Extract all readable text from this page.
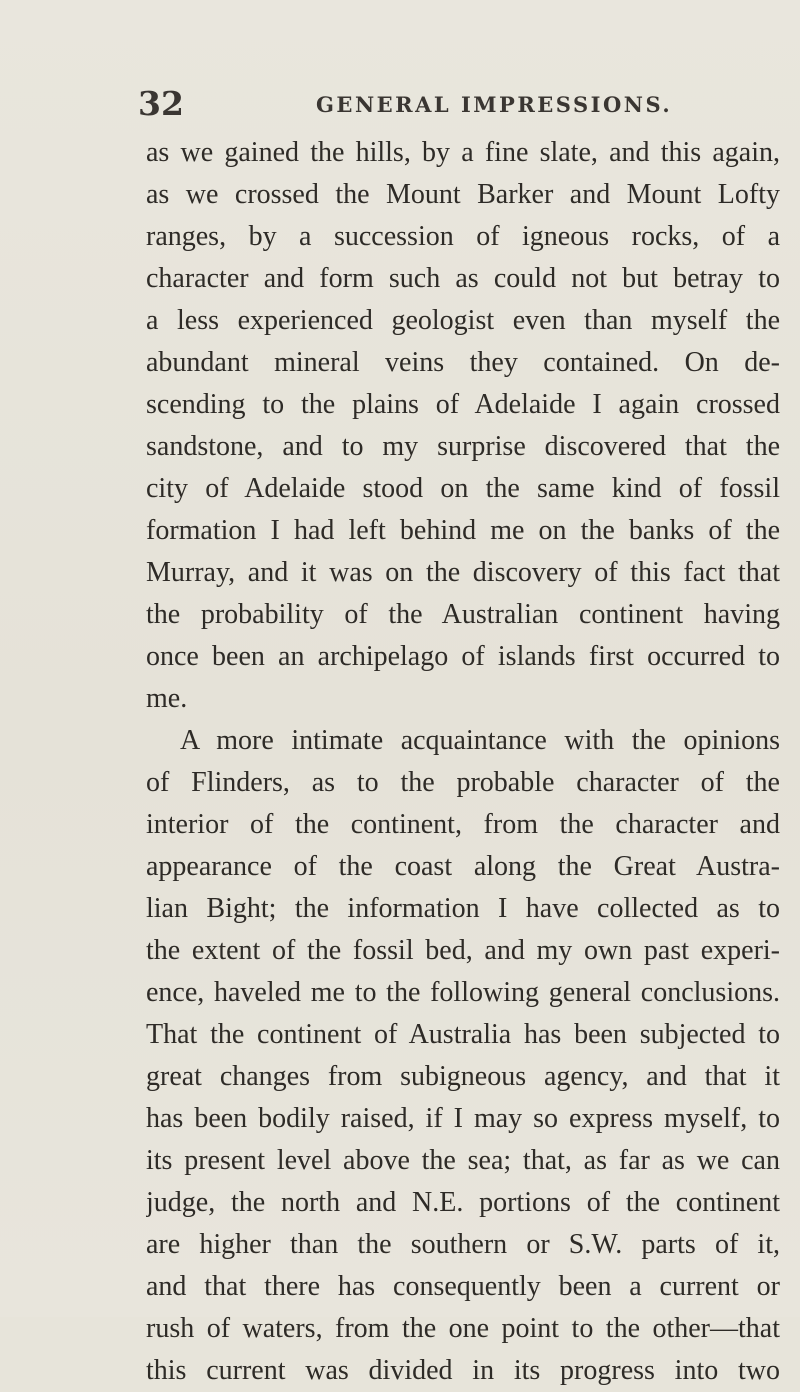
32	GENERAL IMPRESSIONS.
as we gained the hills, by a fine slate, and this again,
as we crossed the Mount Barker and Mount Lofty
ranges, by a succession of igneous rocks, of a
character and form such as could not but betray to
a less experienced geologist even than myself the
abundant mineral veins they contained. On de-
scending to the plains of Adelaide I again crossed
sandstone, and to my surprise discovered that the
city of Adelaide stood on the same kind of fossil
formation I had left behind me on the banks of the
Murray, and it was on the discovery of this fact that
the probability of the Australian continent having
once been an archipelago of islands first occurred to
me.
A more intimate acquaintance with the opinions
of Flinders, as to the probable character of the
interior of the continent, from the character and
appearance of the coast along the Great Austra-
lian Bight; the information I have collected as to
the extent of the fossil bed, and my own past experi-
ence, haveled me to the following general conclusions.
That the continent of Australia has been subjected to
great changes from subigneous agency, and that it
has been bodily raised, if I may so express myself, to
its present level above the sea; that, as far as we can
judge, the north and N.E. portions of the continent
are higher than the southern or S.W. parts of it,
and that there has consequently been a current or
rush of waters, from the one point to the other—that
this current was divided in its progress into two
